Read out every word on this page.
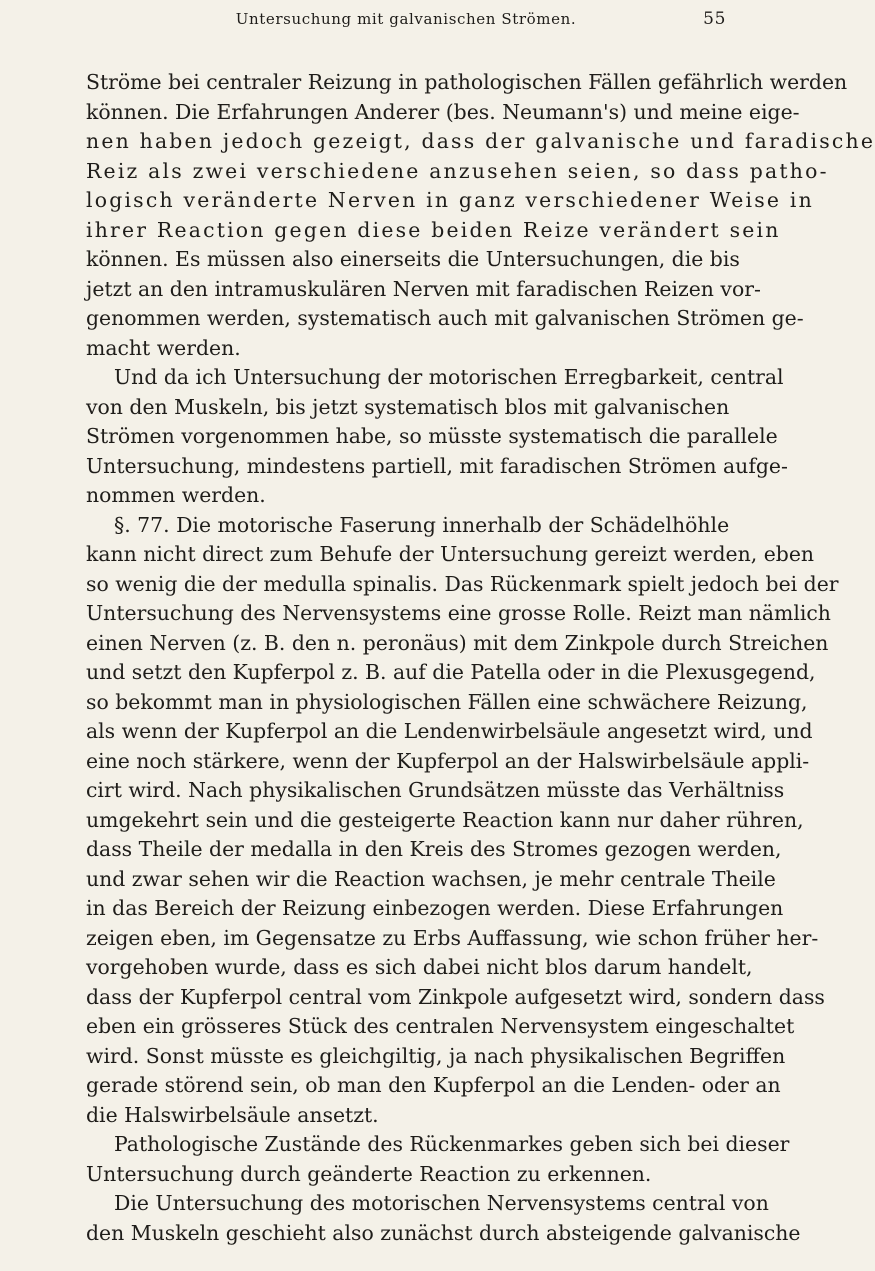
Untersuchung mit galvanischen Strömen.	55

Ströme bei centraler Reizung in pathologischen Fällen gefährlich werden
können. Die Erfahrungen Anderer (bes. Neumann's) und meine eige-
nen haben jedoch gezeigt, dass der galvanische und faradische
Reiz als zwei verschiedene anzusehen seien, so dass patho-
logisch veränderte Nerven in ganz verschiedener Weise in
ihrer Reaction gegen diese beiden Reize verändert sein
können. Es müssen also einerseits die Untersuchungen, die bis
jetzt an den intramuskulären Nerven mit faradischen Reizen vor-
genommen werden, systematisch auch mit galvanischen Strömen ge-
macht werden.

Und da ich Untersuchung der motorischen Erregbarkeit, central
von den Muskeln, bis jetzt systematisch blos mit galvanischen
Strömen vorgenommen habe, so müsste systematisch die parallele
Untersuchung, mindestens partiell, mit faradischen Strömen aufge-
nommen werden.

§. 77. Die motorische Faserung innerhalb der Schädelhöhle
kann nicht direct zum Behufe der Untersuchung gereizt werden, eben
so wenig die der medulla spinalis. Das Rückenmark spielt jedoch bei der
Untersuchung des Nervensystems eine grosse Rolle. Reizt man nämlich
einen Nerven (z. B. den n. peronäus) mit dem Zinkpole durch Streichen
und setzt den Kupferpol z. B. auf die Patella oder in die Plexusgegend,
so bekommt man in physiologischen Fällen eine schwächere Reizung,
als wenn der Kupferpol an die Lendenwirbelsäule angesetzt wird, und
eine noch stärkere, wenn der Kupferpol an der Halswirbelsäule appli-
cirt wird. Nach physikalischen Grundsätzen müsste das Verhältniss
umgekehrt sein und die gesteigerte Reaction kann nur daher rühren,
dass Theile der medalla in den Kreis des Stromes gezogen werden,
und zwar sehen wir die Reaction wachsen, je mehr centrale Theile
in das Bereich der Reizung einbezogen werden. Diese Erfahrungen
zeigen eben, im Gegensatze zu Erbs Auffassung, wie schon früher her-
vorgehoben wurde, dass es sich dabei nicht blos darum handelt,
dass der Kupferpol central vom Zinkpole aufgesetzt wird, sondern dass
eben ein grösseres Stück des centralen Nervensystem eingeschaltet
wird. Sonst müsste es gleichgiltig, ja nach physikalischen Begriffen
gerade störend sein, ob man den Kupferpol an die Lenden- oder an
die Halswirbelsäule ansetzt.

Pathologische Zustände des Rückenmarkes geben sich bei dieser
Untersuchung durch geänderte Reaction zu erkennen.

Die Untersuchung des motorischen Nervensystems central von
den Muskeln geschieht also zunächst durch absteigende galvanische
